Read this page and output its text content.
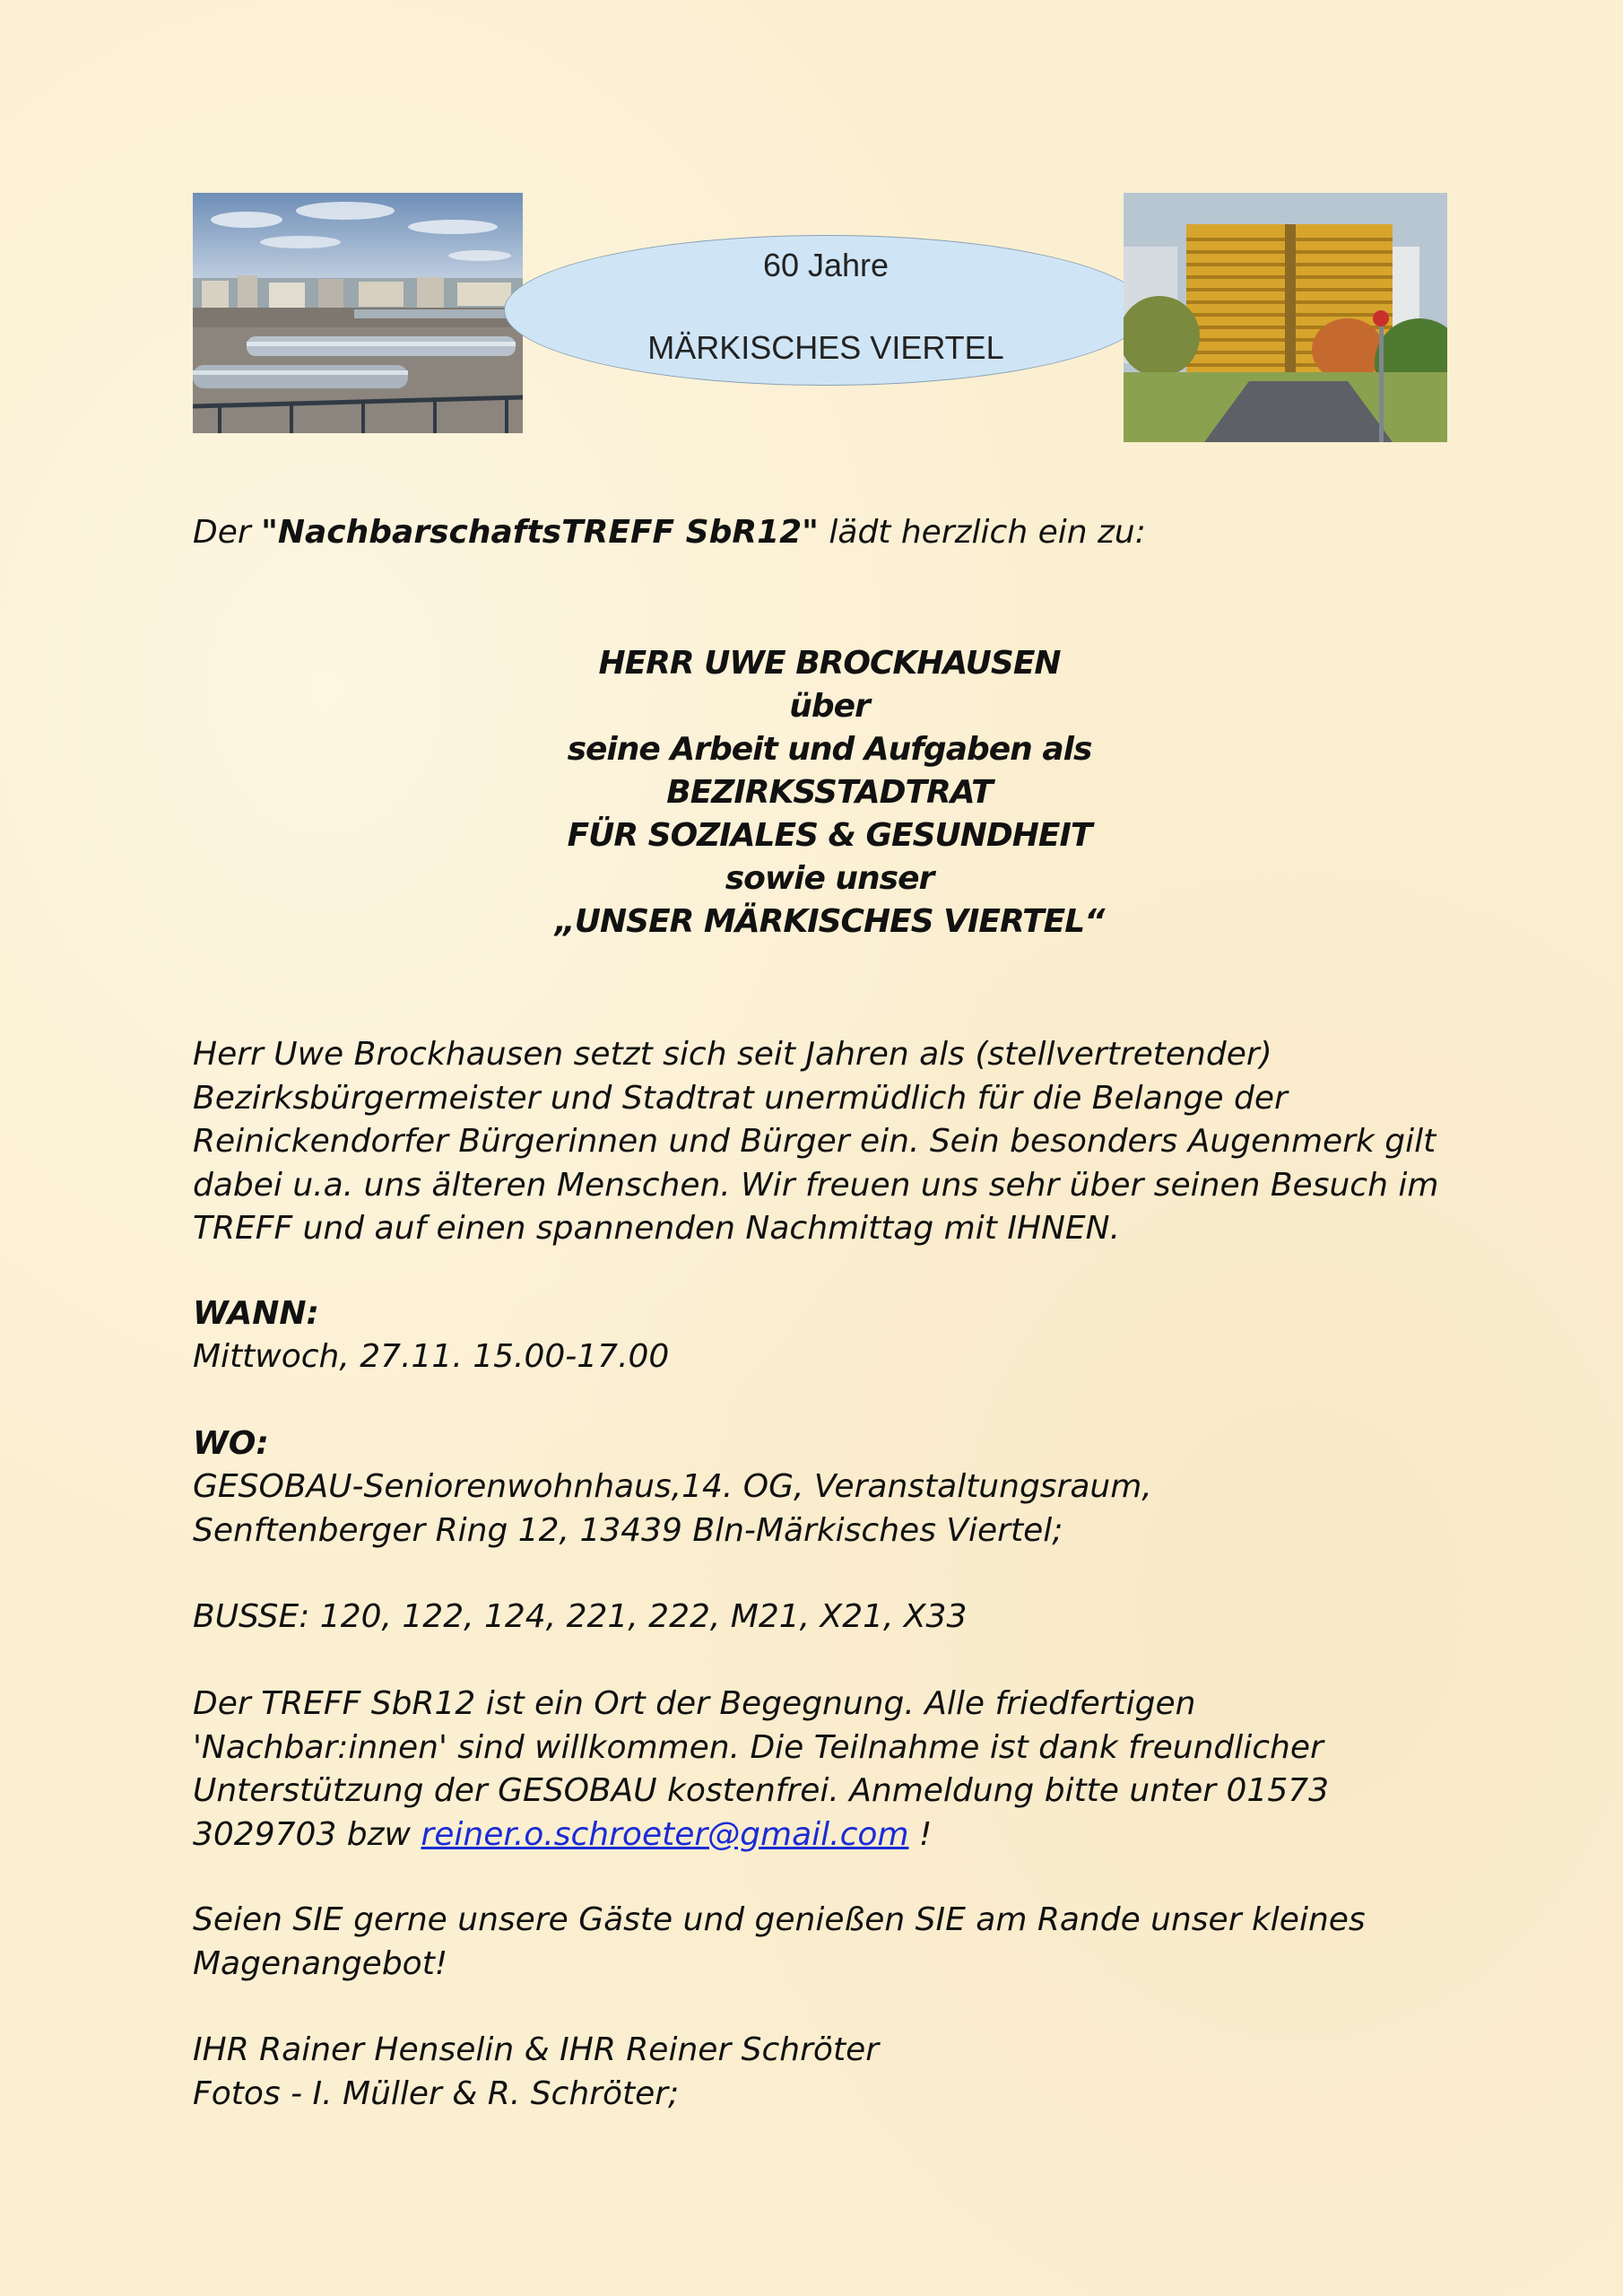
60 Jahre
MÄRKISCHES VIERTEL
Der "NachbarschaftsTREFF SbR12" lädt herzlich ein zu:
HERR UWE BROCKHAUSEN
über
seine Arbeit und Aufgaben als
BEZIRKSSTADTRAT
FÜR SOZIALES & GESUNDHEIT
sowie unser
„UNSER MÄRKISCHES VIERTEL“
Herr Uwe Brockhausen setzt sich seit Jahren als (stellvertretender)
Bezirksbürgermeister und Stadtrat unermüdlich für die Belange der
Reinickendorfer Bürgerinnen und Bürger ein. Sein besonders Augenmerk gilt
dabei u.a. uns älteren Menschen. Wir freuen uns sehr über seinen Besuch im
TREFF und auf einen spannenden Nachmittag mit IHNEN.
WANN:
Mittwoch, 27.11. 15.00-17.00
WO:
GESOBAU-Seniorenwohnhaus,14. OG, Veranstaltungsraum,
Senftenberger Ring 12, 13439 Bln-Märkisches Viertel;
BUSSE: 120, 122, 124, 221, 222, M21, X21, X33
Der TREFF SbR12 ist ein Ort der Begegnung. Alle friedfertigen
'Nachbar:innen' sind willkommen. Die Teilnahme ist dank freundlicher
Unterstützung der GESOBAU kostenfrei. Anmeldung bitte unter 01573
3029703 bzw reiner.o.schroeter@gmail.com !
Seien SIE gerne unsere Gäste und genießen SIE am Rande unser kleines
Magenangebot!
IHR Rainer Henselin & IHR Reiner Schröter
Fotos - I. Müller & R. Schröter;
